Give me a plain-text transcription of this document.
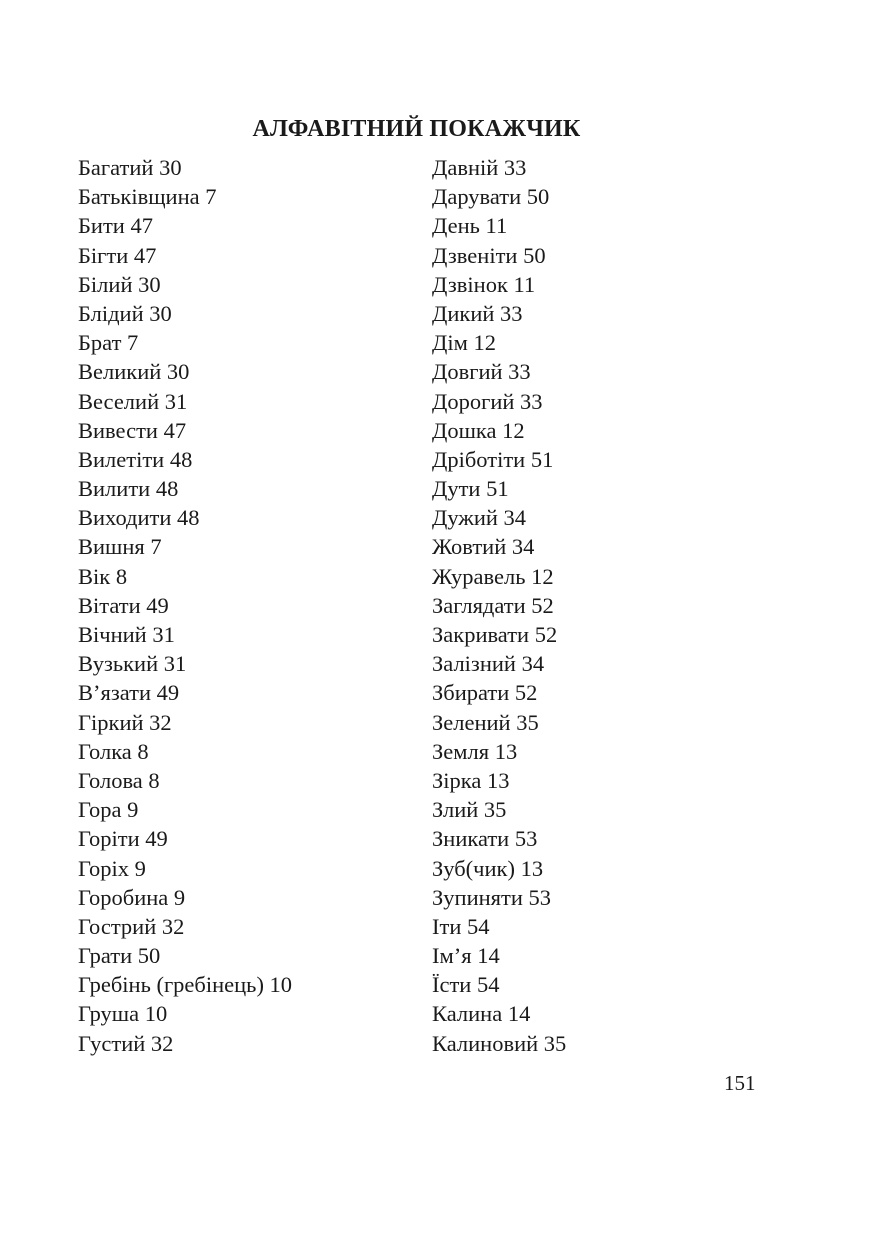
АЛФАВІТНИЙ ПОКАЖЧИК
Багатий 30
Батьківщина 7
Бити 47
Бігти 47
Білий 30
Блідий 30
Брат 7
Великий 30
Веселий 31
Вивести 47
Вилетіти 48
Вилити 48
Виходити 48
Вишня 7
Вік 8
Вітати 49
Вічний 31
Вузький 31
В’язати 49
Гіркий 32
Голка 8
Голова 8
Гора 9
Горіти 49
Горіх 9
Горобина 9
Гострий 32
Грати 50
Гребінь (гребінець) 10
Груша 10
Густий 32
Давній 33
Дарувати 50
День 11
Дзвеніти 50
Дзвінок 11
Дикий 33
Дім 12
Довгий 33
Дорогий 33
Дошка 12
Дріботіти 51
Дути 51
Дужий 34
Жовтий 34
Журавель 12
Заглядати 52
Закривати 52
Залізний 34
Збирати 52
Зелений 35
Земля 13
Зірка 13
Злий 35
Зникати 53
Зуб(чик) 13
Зупиняти 53
Іти 54
Ім’я 14
Їсти 54
Калина 14
Калиновий 35
151
